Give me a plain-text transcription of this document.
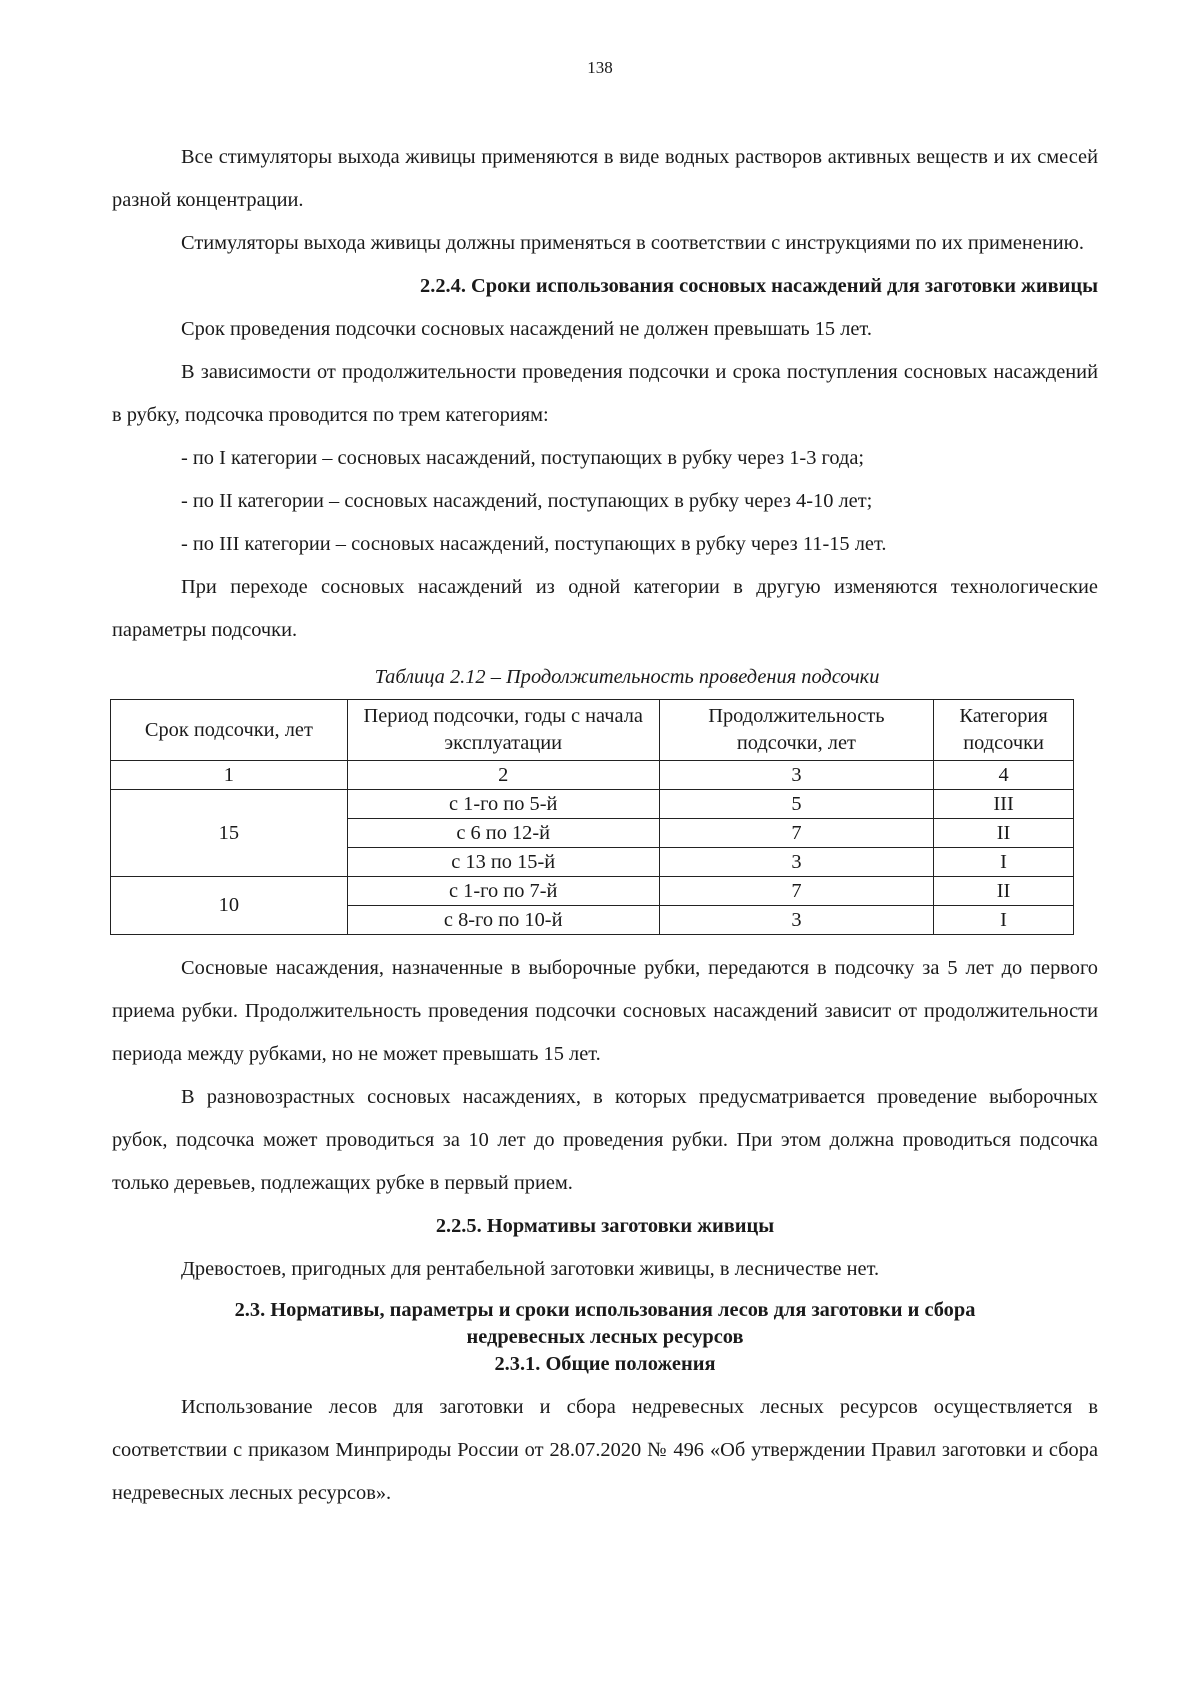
138

Все стимуляторы выхода живицы применяются в виде водных растворов активных веществ и их смесей разной концентрации.

Стимуляторы выхода живицы должны применяться в соответствии с инструкциями по их применению.

2.2.4. Сроки использования сосновых насаждений для заготовки живицы

Срок проведения подсочки сосновых насаждений не должен превышать 15 лет.

В зависимости от продолжительности проведения подсочки и срока поступления сосновых насаждений в рубку, подсочка проводится по трем категориям:

- по I категории – сосновых насаждений, поступающих в рубку через 1-3 года;
- по II категории – сосновых насаждений, поступающих в рубку через 4-10 лет;
- по III категории – сосновых насаждений, поступающих в рубку через 11-15 лет.

При переходе сосновых насаждений из одной категории в другую изменяются технологические параметры подсочки.

Таблица 2.12 – Продолжительность проведения подсочки
Срок подсочки, лет	Период подсочки, годы с начала эксплуатации	Продолжительность подсочки, лет	Категория подсочки
1	2	3	4
15	с 1-го по 5-й	5	III
	с 6 по 12-й	7	II
	с 13 по 15-й	3	I
10	с 1-го по 7-й	7	II
	с 8-го по 10-й	3	I

Сосновые насаждения, назначенные в выборочные рубки, передаются в подсочку за 5 лет до первого приема рубки. Продолжительность проведения подсочки сосновых насаждений зависит от продолжительности периода между рубками, но не может превышать 15 лет.

В разновозрастных сосновых насаждениях, в которых предусматривается проведение выборочных рубок, подсочка может проводиться за 10 лет до проведения рубки. При этом должна проводиться подсочка только деревьев, подлежащих рубке в первый прием.

2.2.5. Нормативы заготовки живицы

Древостоев, пригодных для рентабельной заготовки живицы, в лесничестве нет.

2.3. Нормативы, параметры и сроки использования лесов для заготовки и сбора
недревесных лесных ресурсов
2.3.1. Общие положения

Использование лесов для заготовки и сбора недревесных лесных ресурсов осуществляется в соответствии с приказом Минприроды России от 28.07.2020 № 496 «Об утверждении Правил заготовки и сбора недревесных лесных ресурсов».
